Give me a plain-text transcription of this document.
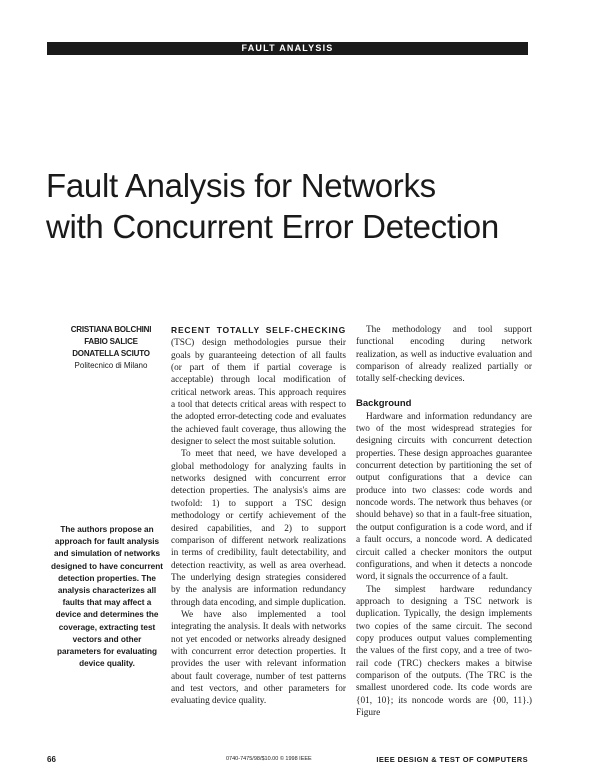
FAULT ANALYSIS
Fault Analysis for Networks
with Concurrent Error Detection
CRISTIANA BOLCHINI
FABIO SALICE
DONATELLA SCIUTO
Politecnico di Milano
The authors propose an approach for fault analysis and simulation of networks designed to have concurrent detection properties. The analysis characterizes all faults that may affect a device and determines the coverage, extracting test vectors and other parameters for evaluating device quality.

RECENT TOTALLY SELF-CHECKING (TSC) design methodologies pursue their goals by guaranteeing detection of all faults (or part of them if partial coverage is acceptable) through local modification of critical network areas. This approach requires a tool that detects critical areas with respect to the adopted error-detecting code and evaluates the achieved fault coverage, thus allowing the designer to select the most suitable solution.

To meet that need, we have developed a global methodology for analyzing faults in networks designed with concurrent error detection properties. The analysis's aims are twofold: 1) to support a TSC design methodology or certify achievement of the desired capabilities, and 2) to support comparison of different network realizations in terms of credibility, fault detectability, and detection reactivity, as well as area overhead. The underlying design strategies considered by the analysis are information redundancy through data encoding, and simple duplication.

We have also implemented a tool integrating the analysis. It deals with networks not yet encoded or networks already designed with concurrent error detection properties. It provides the user with relevant information about fault coverage, number of test patterns and test vectors, and other parameters for evaluating device quality.

The methodology and tool support functional encoding during network realization, as well as inductive evaluation and comparison of already realized partially or totally self-checking devices.

Background

Hardware and information redundancy are two of the most widespread strategies for designing circuits with concurrent detection properties. These design approaches guarantee concurrent detection by partitioning the set of output configurations that a device can produce into two classes: code words and noncode words. The network thus behaves (or should behave) so that in a fault-free situation, the output configuration is a code word, and if a fault occurs, a noncode word. A dedicated circuit called a checker monitors the output configurations, and when it detects a noncode word, it signals the occurrence of a fault.

The simplest hardware redundancy approach to designing a TSC network is duplication. Typically, the design implements two copies of the same circuit. The second copy produces output values complementing the values of the first copy, and a tree of two-rail code (TRC) checkers makes a bitwise comparison of the outputs. (The TRC is the smallest unordered code. Its code words are {01, 10}; its noncode words are {00, 11}.) Figure

66	0740-7475/98/$10.00 © 1998 IEEE	IEEE DESIGN & TEST OF COMPUTERS
